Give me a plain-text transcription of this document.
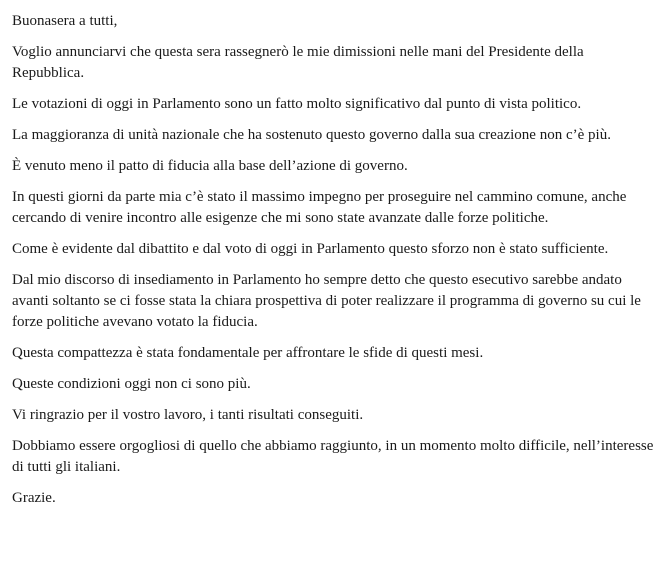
Buonasera a tutti,

Voglio annunciarvi che questa sera rassegnerò le mie dimissioni nelle mani del Presidente della Repubblica.

Le votazioni di oggi in Parlamento sono un fatto molto significativo dal punto di vista politico.

La maggioranza di unità nazionale che ha sostenuto questo governo dalla sua creazione non c’è più.

È venuto meno il patto di fiducia alla base dell’azione di governo.

In questi giorni da parte mia c’è stato il massimo impegno per proseguire nel cammino comune, anche cercando di venire incontro alle esigenze che mi sono state avanzate dalle forze politiche.

Come è evidente dal dibattito e dal voto di oggi in Parlamento questo sforzo non è stato sufficiente.

Dal mio discorso di insediamento in Parlamento ho sempre detto che questo esecutivo sarebbe andato avanti soltanto se ci fosse stata la chiara prospettiva di poter realizzare il programma di governo su cui le forze politiche avevano votato la fiducia.

Questa compattezza è stata fondamentale per affrontare le sfide di questi mesi.

Queste condizioni oggi non ci sono più.

Vi ringrazio per il vostro lavoro, i tanti risultati conseguiti.

Dobbiamo essere orgogliosi di quello che abbiamo raggiunto, in un momento molto difficile, nell’interesse di tutti gli italiani.

Grazie.
